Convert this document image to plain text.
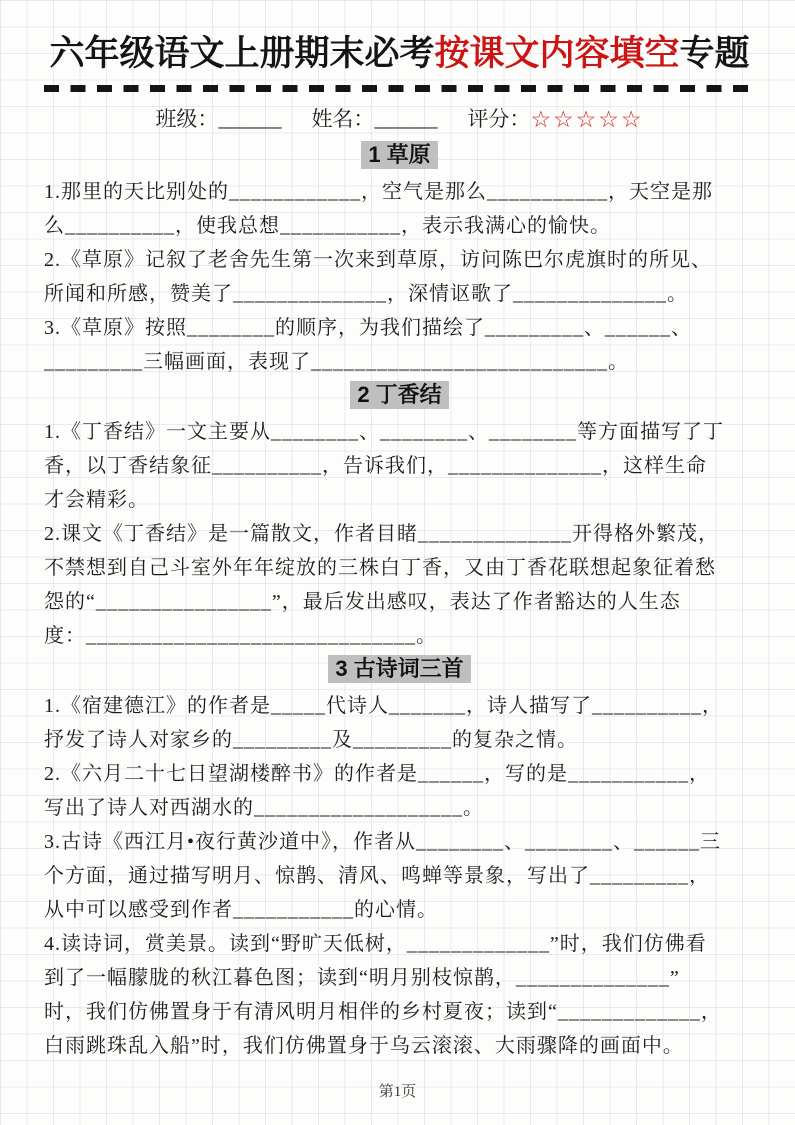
六年级语文上册期末必考按课文内容填空专题
班级：______ 姓名：______ 评分：☆☆☆☆☆
1 草原

1.那里的天比别处的____________，空气是那么___________，天空是那

么__________，使我总想___________，表示我满心的愉快。

2.《草原》记叙了老舍先生第一次来到草原，访问陈巴尔虎旗时的所见、

所闻和所感，赞美了______________，深情讴歌了______________。

3.《草原》按照________的顺序，为我们描绘了_________、______、

_________三幅画面，表现了___________________________。

2 丁香结

1.《丁香结》一文主要从________、________、________等方面描写了丁

香，以丁香结象征__________，告诉我们，______________，这样生命

才会精彩。

2.课文《丁香结》是一篇散文，作者目睹______________开得格外繁茂，

不禁想到自己斗室外年年绽放的三株白丁香，又由丁香花联想起象征着愁

怨的“________________”，最后发出感叹，表达了作者豁达的人生态

度：______________________________。

3 古诗词三首

1.《宿建德江》的作者是_____代诗人_______，诗人描写了__________，

抒发了诗人对家乡的_________及_________的复杂之情。

2.《六月二十七日望湖楼醉书》的作者是______，写的是___________，

写出了诗人对西湖水的___________________。

3.古诗《西江月•夜行黄沙道中》，作者从________、________、______三

个方面，通过描写明月、惊鹊、清风、鸣蝉等景象，写出了_________，

从中可以感受到作者___________的心情。

4.读诗词，赏美景。读到“野旷天低树，_____________”时，我们仿佛看

到了一幅朦胧的秋江暮色图；读到“明月别枝惊鹊，______________”

时，我们仿佛置身于有清风明月相伴的乡村夏夜；读到“_____________，

白雨跳珠乱入船”时，我们仿佛置身于乌云滚滚、大雨骤降的画面中。

第1页
